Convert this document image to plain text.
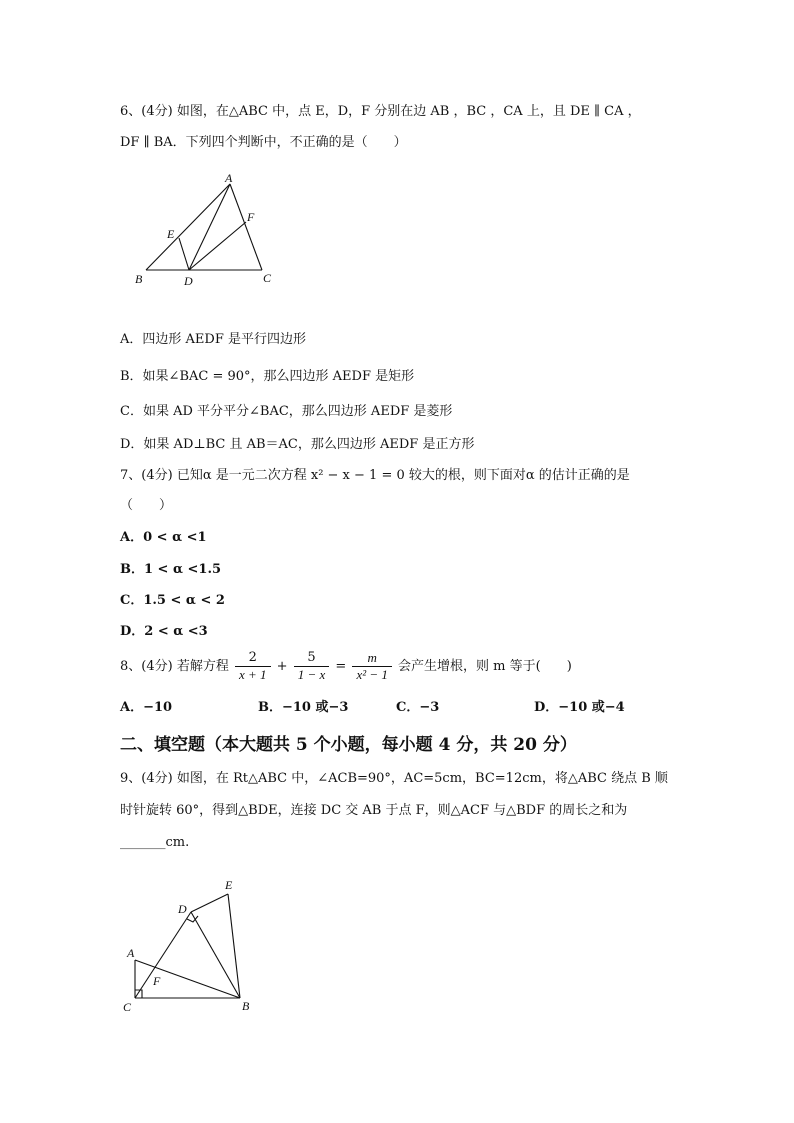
6、(4分) 如图，在△ABC 中，点 E，D，F 分别在边 AB ，BC ，CA 上，且 DE ∥ CA ，
DF ∥ BA．下列四个判断中，不正确的是（　　）
A
E
F
B	D	C
A．四边形 AEDF 是平行四边形
B．如果∠BAC = 90°，那么四边形 AEDF 是矩形
C．如果 AD 平分平分∠BAC，那么四边形 AEDF 是菱形
D．如果 AD⊥BC 且 AB＝AC，那么四边形 AEDF 是正方形
7、(4分) 已知α 是一元二次方程 x² − x − 1 = 0 较大的根，则下面对α 的估计正确的是
（　　）
A．0 < α <1
B．1 < α <1.5
C．1.5 < α < 2
D．2 < α <3
8、(4分) 若解方程 $\frac{2}{x + 1} + \frac{5}{1 - x} = \frac{m}{\text{x² − 1}}$ 会产生增根，则 m 等于(　　)
A．−10	B．−10 或−3	C．−3	D．−10 或−4
二、填空题（本大题共 5 个小题，每小题 4 分，共 20 分）
9、(4分) 如图，在 Rt△ABC 中，∠ACB=90°，AC=5cm，BC=12cm，将△ABC 绕点 B 顺
时针旋转 60°，得到△BDE，连接 DC 交 AB 于点 F，则△ACF 与△BDF 的周长之和为
_______cm.
E
D
A
F
C	B
